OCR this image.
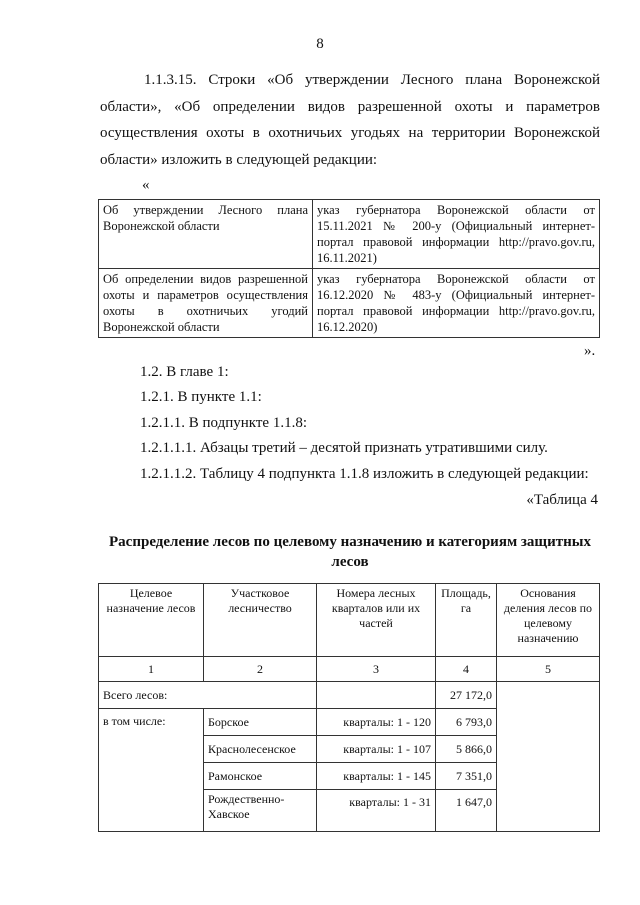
8
1.1.3.15. Строки «Об утверждении Лесного плана Воронежской области», «Об определении видов разрешенной охоты и параметров осуществления охоты в охотничьих угодьях на территории Воронежской области» изложить в следующей редакции:
«
Об утверждении Лесного плана Воронежской области	указ губернатора Воронежской области от 15.11.2021 № 200-у (Официальный интернет-портал правовой информации http://pravo.gov.ru, 16.11.2021)
Об определении видов разрешенной охоты и параметров осуществления охоты в охотничьих угодий Воронежской области	указ губернатора Воронежской области от 16.12.2020 № 483-у (Официальный интернет-портал правовой информации http://pravo.gov.ru, 16.12.2020)
».
1.2. В главе 1:
1.2.1. В пункте 1.1:
1.2.1.1. В подпункте 1.1.8:
1.2.1.1.1. Абзацы третий – десятой признать утратившими силу.
1.2.1.1.2. Таблицу 4 подпункта 1.1.8 изложить в следующей редакции:
«Таблица 4
Распределение лесов по целевому назначению и категориям защитных лесов
Целевое назначение лесов	Участковое лесничество	Номера лесных кварталов или их частей	Площадь, га	Основания деления лесов по целевому назначению
1	2	3	4	5
Всего лесов:			27 172,0	
в том числе:	Борское	кварталы: 1 - 120	6 793,0	
	Краснолесенское	кварталы: 1 - 107	5 866,0	
	Рамонское	кварталы: 1 - 145	7 351,0	
	Рождественно-Хавское	кварталы: 1 - 31	1 647,0	
